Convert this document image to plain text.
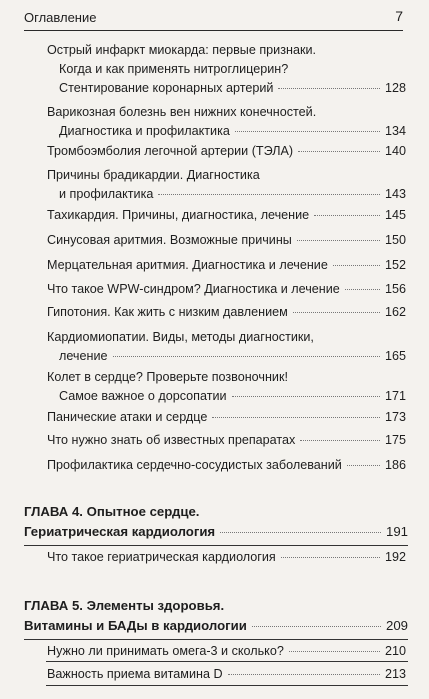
Оглавление	7
Острый инфаркт миокарда: первые признаки.
Когда и как применять нитроглицерин?
Стентирование коронарных артерий	128
Варикозная болезнь вен нижних конечностей.
Диагностика и профилактика	134
Тромбоэмболия легочной артерии (ТЭЛА)	140
Причины брадикардии. Диагностика
и профилактика	143
Тахикардия. Причины, диагностика, лечение	145
Синусовая аритмия. Возможные причины	150
Мерцательная аритмия. Диагностика и лечение	152
Что такое WPW-синдром? Диагностика и лечение	156
Гипотония. Как жить с низким давлением	162
Кардиомиопатии. Виды, методы диагностики,
лечение	165
Колет в сердце? Проверьте позвоночник!
Самое важное о дорсопатии	171
Панические атаки и сердце	173
Что нужно знать об известных препаратах	175
Профилактика сердечно-сосудистых заболеваний	186
ГЛАВА 4. Опытное сердце.
Гериатрическая кардиология	191
Что такое гериатрическая кардиология	192
ГЛАВА 5. Элементы здоровья.
Витамины и БАДы в кардиологии	209
Нужно ли принимать омега-3 и сколько?	210
Важность приема витамина D	213
